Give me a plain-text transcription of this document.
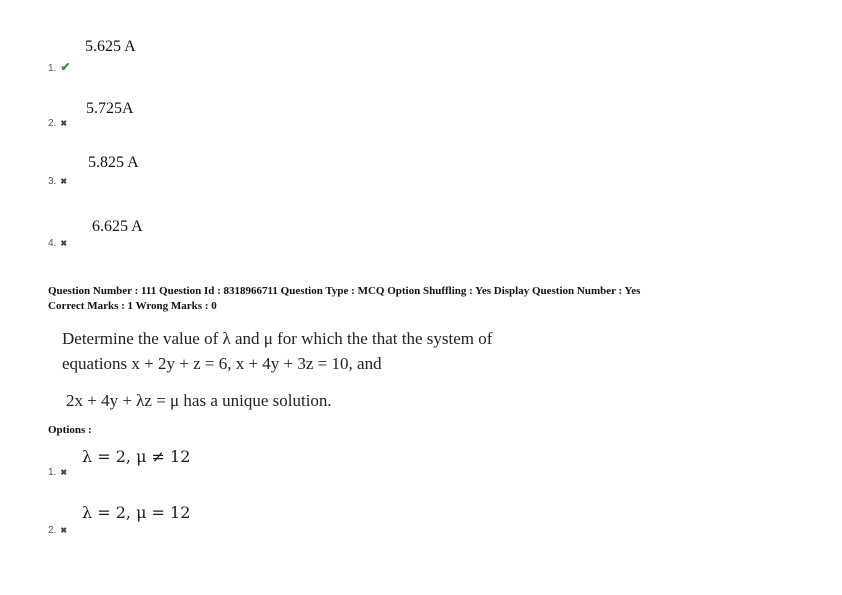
5.625 A
1. ✔
5.725A
2. ✖
5.825 A
3. ✖
6.625 A
4. ✖
Question Number : 111 Question Id : 8318966711 Question Type : MCQ Option Shuffling : Yes Display Question Number : Yes
Correct Marks : 1 Wrong Marks : 0
Determine the value of λ and μ for which the that the system of
equations x + 2y + z = 6, x + 4y + 3z = 10, and
2x + 4y + λz = μ has a unique solution.
Options :
λ = 2, μ ≠ 12
1. ✖
λ = 2, μ = 12
2. ✖
